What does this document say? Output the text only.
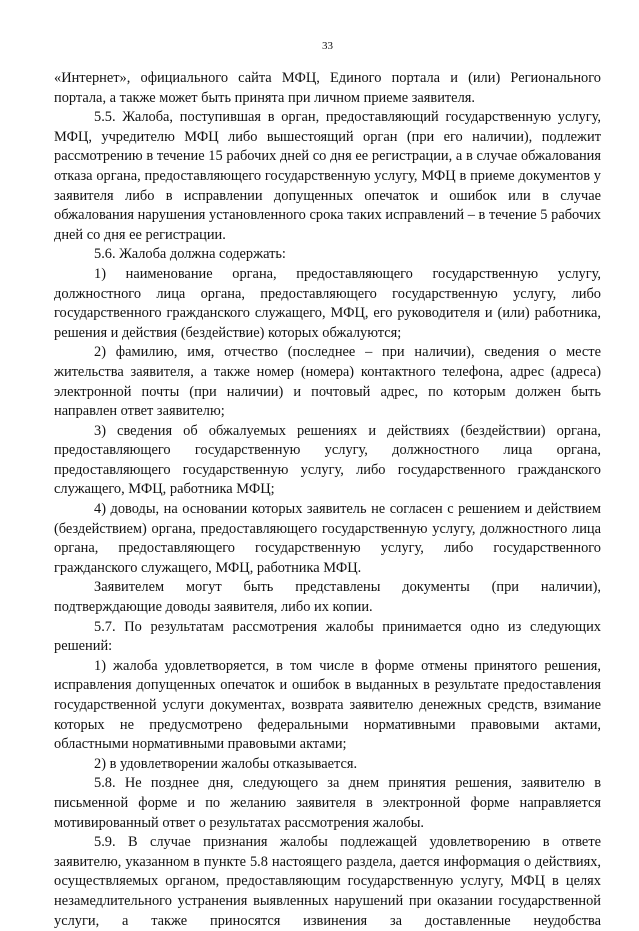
33

«Интернет», официального сайта МФЦ, Единого портала и (или) Регионального портала, а также может быть принята при личном приеме заявителя.

5.5. Жалоба, поступившая в орган, предоставляющий государственную услугу, МФЦ, учредителю МФЦ либо вышестоящий орган (при его наличии), подлежит рассмотрению в течение 15 рабочих дней со дня ее регистрации, а в случае обжалования отказа органа, предоставляющего государственную услугу, МФЦ в приеме документов у заявителя либо в исправлении допущенных опечаток и ошибок или в случае обжалования нарушения установленного срока таких исправлений – в течение 5 рабочих дней со дня ее регистрации.

5.6. Жалоба должна содержать:

1) наименование органа, предоставляющего государственную услугу, должностного лица органа, предоставляющего государственную услугу, либо государственного гражданского служащего, МФЦ, его руководителя и (или) работника, решения и действия (бездействие) которых обжалуются;

2) фамилию, имя, отчество (последнее – при наличии), сведения о месте жительства заявителя, а также номер (номера) контактного телефона, адрес (адреса) электронной почты (при наличии) и почтовый адрес, по которым должен быть направлен ответ заявителю;

3) сведения об обжалуемых решениях и действиях (бездействии) органа, предоставляющего государственную услугу, должностного лица органа, предоставляющего государственную услугу, либо государственного гражданского служащего, МФЦ, работника МФЦ;

4) доводы, на основании которых заявитель не согласен с решением и действием (бездействием) органа, предоставляющего государственную услугу, должностного лица органа, предоставляющего государственную услугу, либо государственного гражданского служащего, МФЦ, работника МФЦ.

Заявителем могут быть представлены документы (при наличии), подтверждающие доводы заявителя, либо их копии.

5.7. По результатам рассмотрения жалобы принимается одно из следующих решений:

1) жалоба удовлетворяется, в том числе в форме отмены принятого решения, исправления допущенных опечаток и ошибок в выданных в результате предоставления государственной услуги документах, возврата заявителю денежных средств, взимание которых не предусмотрено федеральными нормативными правовыми актами, областными нормативными правовыми актами;

2) в удовлетворении жалобы отказывается.

5.8. Не позднее дня, следующего за днем принятия решения, заявителю в письменной форме и по желанию заявителя в электронной форме направляется мотивированный ответ о результатах рассмотрения жалобы.

5.9. В случае признания жалобы подлежащей удовлетворению в ответе заявителю, указанном в пункте 5.8 настоящего раздела, дается информация о действиях, осуществляемых органом, предоставляющим государственную услугу, МФЦ в целях незамедлительного устранения выявленных нарушений при оказании государственной услуги, а также приносятся извинения за доставленные неудобства
